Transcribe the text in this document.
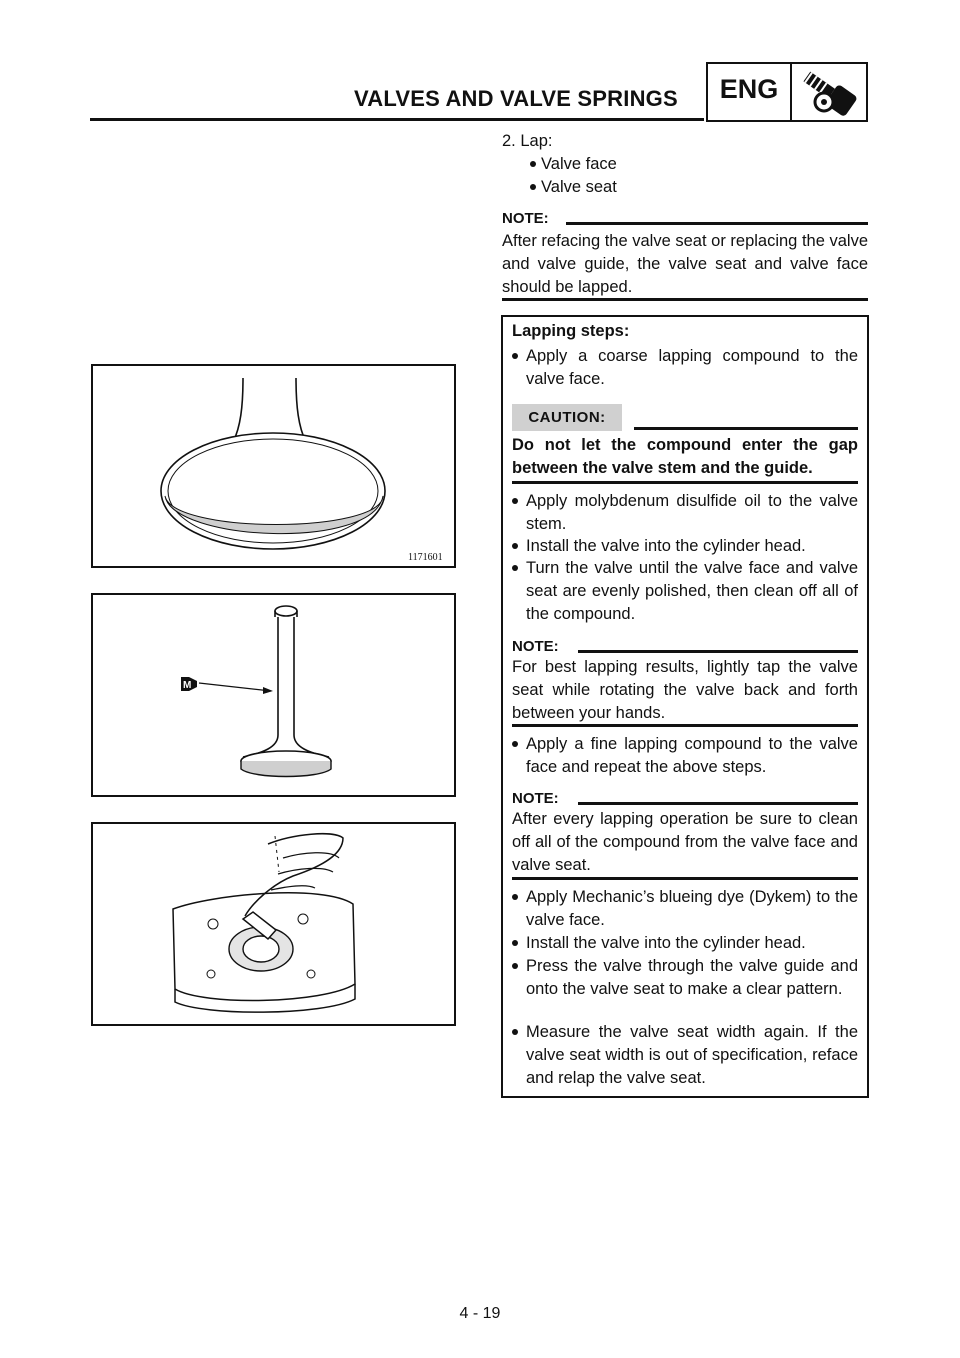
VALVES AND VALVE SPRINGS	ENG
1171601
M
2. Lap:
Valve face
Valve seat
NOTE:
After refacing the valve seat or replacing the valve and valve guide, the valve seat and valve face should be lapped.
Lapping steps:
Apply a coarse lapping compound to the valve face.
CAUTION:
Do not let the compound enter the gap between the valve stem and the guide.
Apply molybdenum disulfide oil to the valve stem.
Install the valve into the cylinder head.
Turn the valve until the valve face and valve seat are evenly polished, then clean off all of the compound.
NOTE:
For best lapping results, lightly tap the valve seat while rotating the valve back and forth between your hands.
Apply a fine lapping compound to the valve face and repeat the above steps.
NOTE:
After every lapping operation be sure to clean off all of the compound from the valve face and valve seat.
Apply Mechanic’s blueing dye (Dykem) to the valve face.
Install the valve into the cylinder head.
Press the valve through the valve guide and onto the valve seat to make a clear pattern.
Measure the valve seat width again. If the valve seat width is out of specification, reface and relap the valve seat.
4 - 19
